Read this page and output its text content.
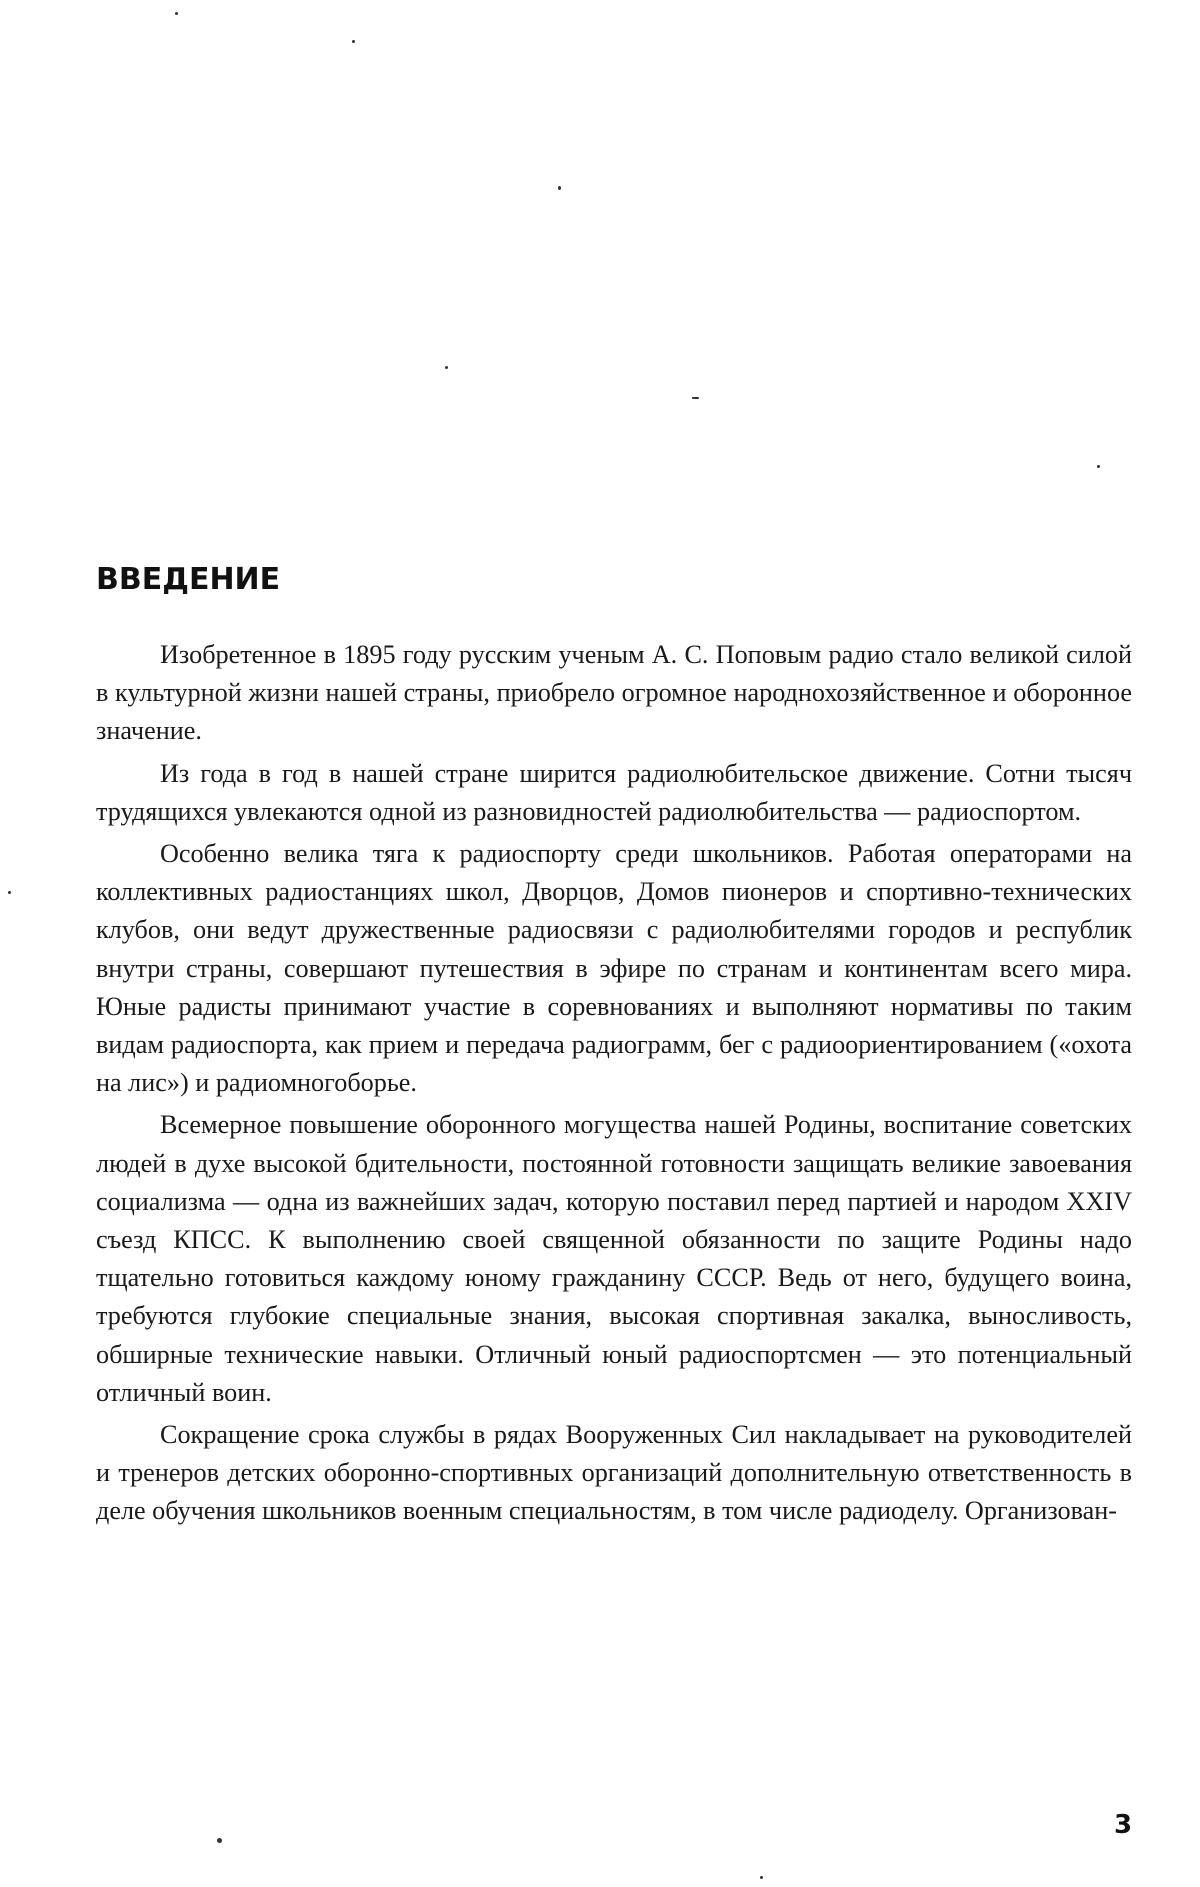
ВВЕДЕНИЕ

Изобретенное в 1895 году русским ученым А. С. Поповым радио стало великой силой в культурной жизни нашей страны, приобрело огромное народнохозяйственное и оборонное значение.

Из года в год в нашей стране ширится радиолюбительское движение. Сотни тысяч трудящихся увлекаются одной из разновидностей радиолюбительства — радиоспортом.

Особенно велика тяга к радиоспорту среди школьников. Работая операторами на коллективных радиостанциях школ, Дворцов, Домов пионеров и спортивно-технических клубов, они ведут дружественные радиосвязи с радиолюбителями городов и республик внутри страны, совершают путешествия в эфире по странам и континентам всего мира. Юные радисты принимают участие в соревнованиях и выполняют нормативы по таким видам радиоспорта, как прием и передача радиограмм, бег с радиоориентированием («охота на лис») и радиомногоборье.

Всемерное повышение оборонного могущества нашей Родины, воспитание советских людей в духе высокой бдительности, постоянной готовности защищать великие завоевания социализма — одна из важнейших задач, которую поставил перед партией и народом XXIV съезд КПСС. К выполнению своей священной обязанности по защите Родины надо тщательно готовиться каждому юному гражданину СССР. Ведь от него, будущего воина, требуются глубокие специальные знания, высокая спортивная закалка, выносливость, обширные технические навыки. Отличный юный радиоспортсмен — это потенциальный отличный воин.

Сокращение срока службы в рядах Вооруженных Сил накладывает на руководителей и тренеров детских оборонно-спортивных организаций дополнительную ответственность в деле обучения школьников военным специальностям, в том числе радиоделу. Организован-

3
